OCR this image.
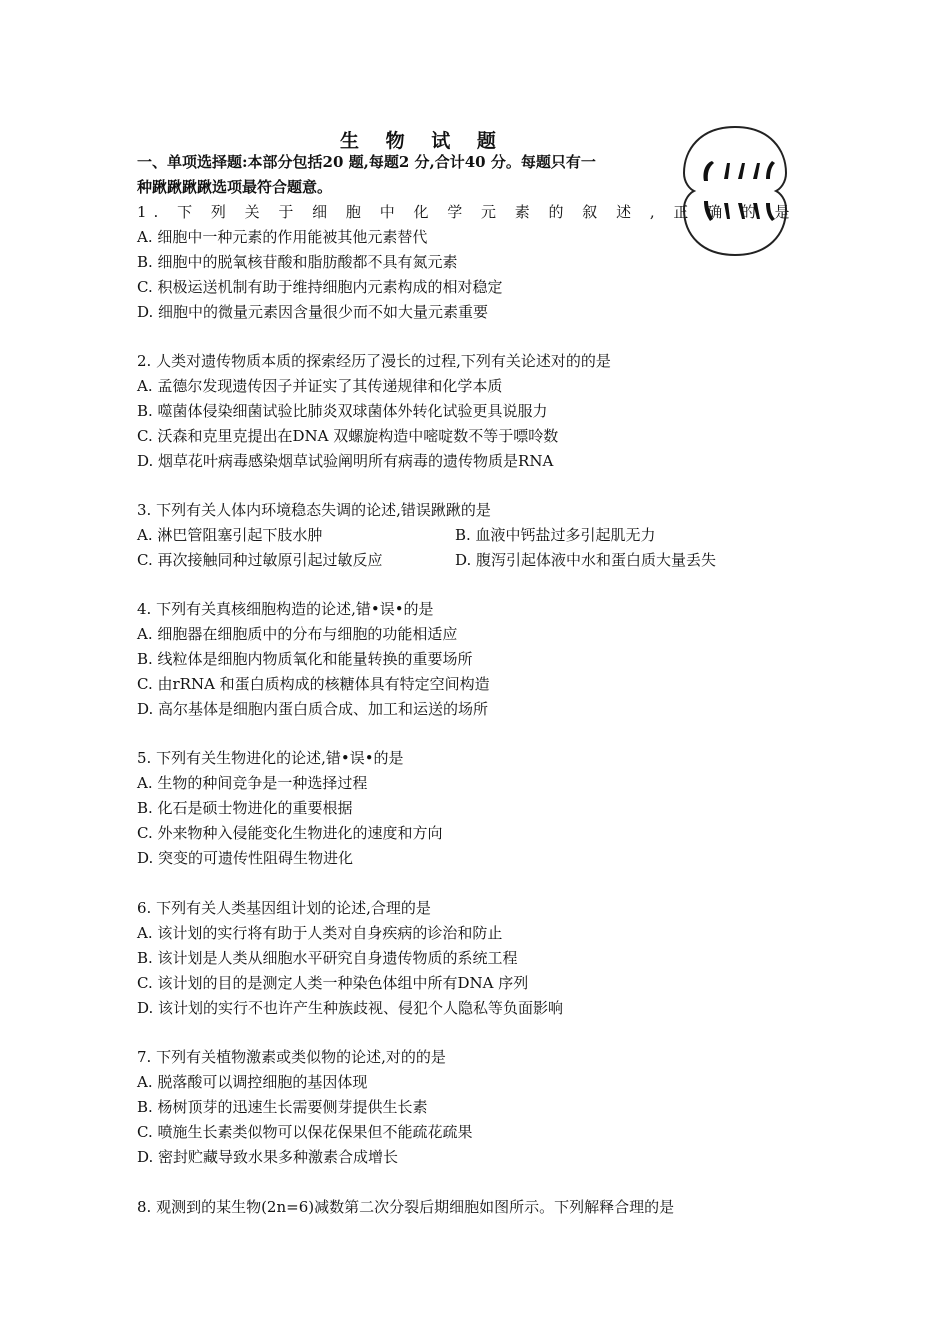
生 物 试 题
一、单项选择题:本部分包括20 题,每题2 分,合计40 分。每题只有一
种踿踿踿踿选项最符合题意。
1. 下 列 关 于 细 胞 中 化 学 元 素 的 叙 述 , 正 确 的 是
A. 细胞中一种元素的作用能被其他元素替代
B. 细胞中的脱氧核苷酸和脂肪酸都不具有氮元素
C. 积极运送机制有助于维持细胞内元素构成的相对稳定
D. 细胞中的微量元素因含量很少而不如大量元素重要
2. 人类对遗传物质本质的探索经历了漫长的过程,下列有关论述对的的是
A. 孟德尔发现遗传因子并证实了其传递规律和化学本质
B. 噬菌体侵染细菌试验比肺炎双球菌体外转化试验更具说服力
C. 沃森和克里克提出在DNA 双螺旋构造中嘧啶数不等于嘌呤数
D. 烟草花叶病毒感染烟草试验阐明所有病毒的遗传物质是RNA
3. 下列有关人体内环境稳态失调的论述,错误踿踿的是
A. 淋巴管阻塞引起下肢水肿	B. 血液中钙盐过多引起肌无力
C. 再次接触同种过敏原引起过敏反应	D. 腹泻引起体液中水和蛋白质大量丢失
4. 下列有关真核细胞构造的论述,错•误•的是
A. 细胞器在细胞质中的分布与细胞的功能相适应
B. 线粒体是细胞内物质氧化和能量转换的重要场所
C. 由rRNA 和蛋白质构成的核糖体具有特定空间构造
D. 高尔基体是细胞内蛋白质合成、加工和运送的场所
5. 下列有关生物进化的论述,错•误•的是
A. 生物的种间竞争是一种选择过程
B. 化石是硕士物进化的重要根据
C. 外来物种入侵能变化生物进化的速度和方向
D. 突变的可遗传性阻碍生物进化
6. 下列有关人类基因组计划的论述,合理的是
A. 该计划的实行将有助于人类对自身疾病的诊治和防止
B. 该计划是人类从细胞水平研究自身遗传物质的系统工程
C. 该计划的目的是测定人类一种染色体组中所有DNA 序列
D. 该计划的实行不也许产生种族歧视、侵犯个人隐私等负面影响
7. 下列有关植物激素或类似物的论述,对的的是
A. 脱落酸可以调控细胞的基因体现
B. 杨树顶芽的迅速生长需要侧芽提供生长素
C. 喷施生长素类似物可以保花保果但不能疏花疏果
D. 密封贮藏导致水果多种激素合成增长
8. 观测到的某生物(2n=6)减数第二次分裂后期细胞如图所示。下列解释合理的是
